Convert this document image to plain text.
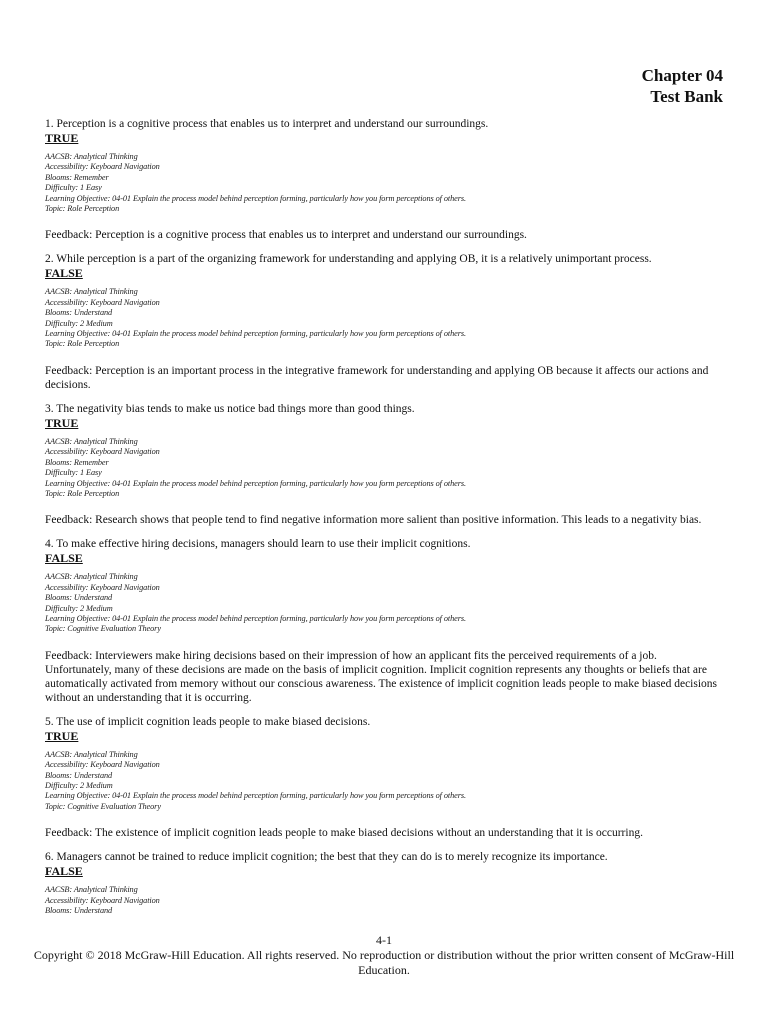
Chapter 04
Test Bank
1. Perception is a cognitive process that enables us to interpret and understand our surroundings.
TRUE
AACSB: Analytical Thinking
Accessibility: Keyboard Navigation
Blooms: Remember
Difficulty: 1 Easy
Learning Objective: 04-01 Explain the process model behind perception forming, particularly how you form perceptions of others.
Topic: Role Perception
Feedback: Perception is a cognitive process that enables us to interpret and understand our surroundings.
2. While perception is a part of the organizing framework for understanding and applying OB, it is a relatively unimportant process.
FALSE
AACSB: Analytical Thinking
Accessibility: Keyboard Navigation
Blooms: Understand
Difficulty: 2 Medium
Learning Objective: 04-01 Explain the process model behind perception forming, particularly how you form perceptions of others.
Topic: Role Perception
Feedback: Perception is an important process in the integrative framework for understanding and applying OB because it affects our actions and decisions.
3. The negativity bias tends to make us notice bad things more than good things.
TRUE
AACSB: Analytical Thinking
Accessibility: Keyboard Navigation
Blooms: Remember
Difficulty: 1 Easy
Learning Objective: 04-01 Explain the process model behind perception forming, particularly how you form perceptions of others.
Topic: Role Perception
Feedback: Research shows that people tend to find negative information more salient than positive information. This leads to a negativity bias.
4. To make effective hiring decisions, managers should learn to use their implicit cognitions.
FALSE
AACSB: Analytical Thinking
Accessibility: Keyboard Navigation
Blooms: Understand
Difficulty: 2 Medium
Learning Objective: 04-01 Explain the process model behind perception forming, particularly how you form perceptions of others.
Topic: Cognitive Evaluation Theory
Feedback: Interviewers make hiring decisions based on their impression of how an applicant fits the perceived requirements of a job. Unfortunately, many of these decisions are made on the basis of implicit cognition. Implicit cognition represents any thoughts or beliefs that are automatically activated from memory without our conscious awareness. The existence of implicit cognition leads people to make biased decisions without an understanding that it is occurring.
5. The use of implicit cognition leads people to make biased decisions.
TRUE
AACSB: Analytical Thinking
Accessibility: Keyboard Navigation
Blooms: Understand
Difficulty: 2 Medium
Learning Objective: 04-01 Explain the process model behind perception forming, particularly how you form perceptions of others.
Topic: Cognitive Evaluation Theory
Feedback: The existence of implicit cognition leads people to make biased decisions without an understanding that it is occurring.
6. Managers cannot be trained to reduce implicit cognition; the best that they can do is to merely recognize its importance.
FALSE
AACSB: Analytical Thinking
Accessibility: Keyboard Navigation
Blooms: Understand
4-1
Copyright © 2018 McGraw-Hill Education. All rights reserved. No reproduction or distribution without the prior written consent of McGraw-Hill Education.
